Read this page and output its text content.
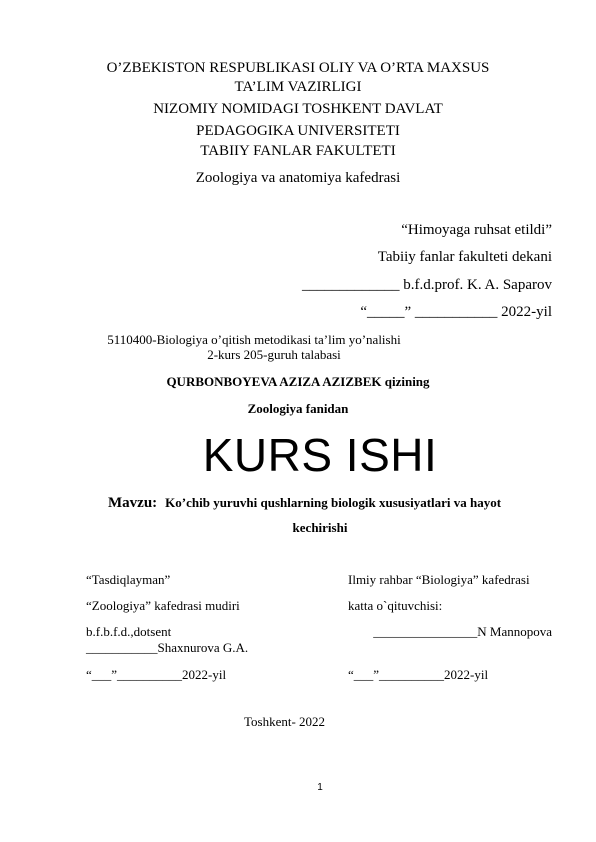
O’ZBEKISTON RESPUBLIKASI OLIY VA O’RTA MAXSUS
TA’LIM VAZIRLIGI
NIZOMIY NOMIDAGI TOSHKENT DAVLAT
PEDAGOGIKA UNIVERSITETI
TABIIY FANLAR FAKULTETI
Zoologiya va anatomiya kafedrasi
“Himoyaga ruhsat etildi”
Tabiiy fanlar fakulteti dekani
_____________ b.f.d.prof. K. A. Saparov
“_____” ___________ 2022-yil
5110400-Biologiya o’qitish metodikasi ta’lim yo’nalishi
2-kurs 205-guruh talabasi
QURBONBOYEVA AZIZA AZIZBEK qizining
Zoologiya fanidan
KURS ISHI
Mavzu: Ko’chib yuruvhi qushlarning biologik xususiyatlari va hayot
kechirishi
“Tasdiqlayman”
“Zoologiya” kafedrasi mudiri
b.f.b.f.d.,dotsent
___________Shaxnurova G.A.
“___”__________2022-yil
Ilmiy rahbar “Biologiya” kafedrasi
katta o`qituvchisi:
________________N Mannopova
“___”__________2022-yil
Toshkent- 2022
1
